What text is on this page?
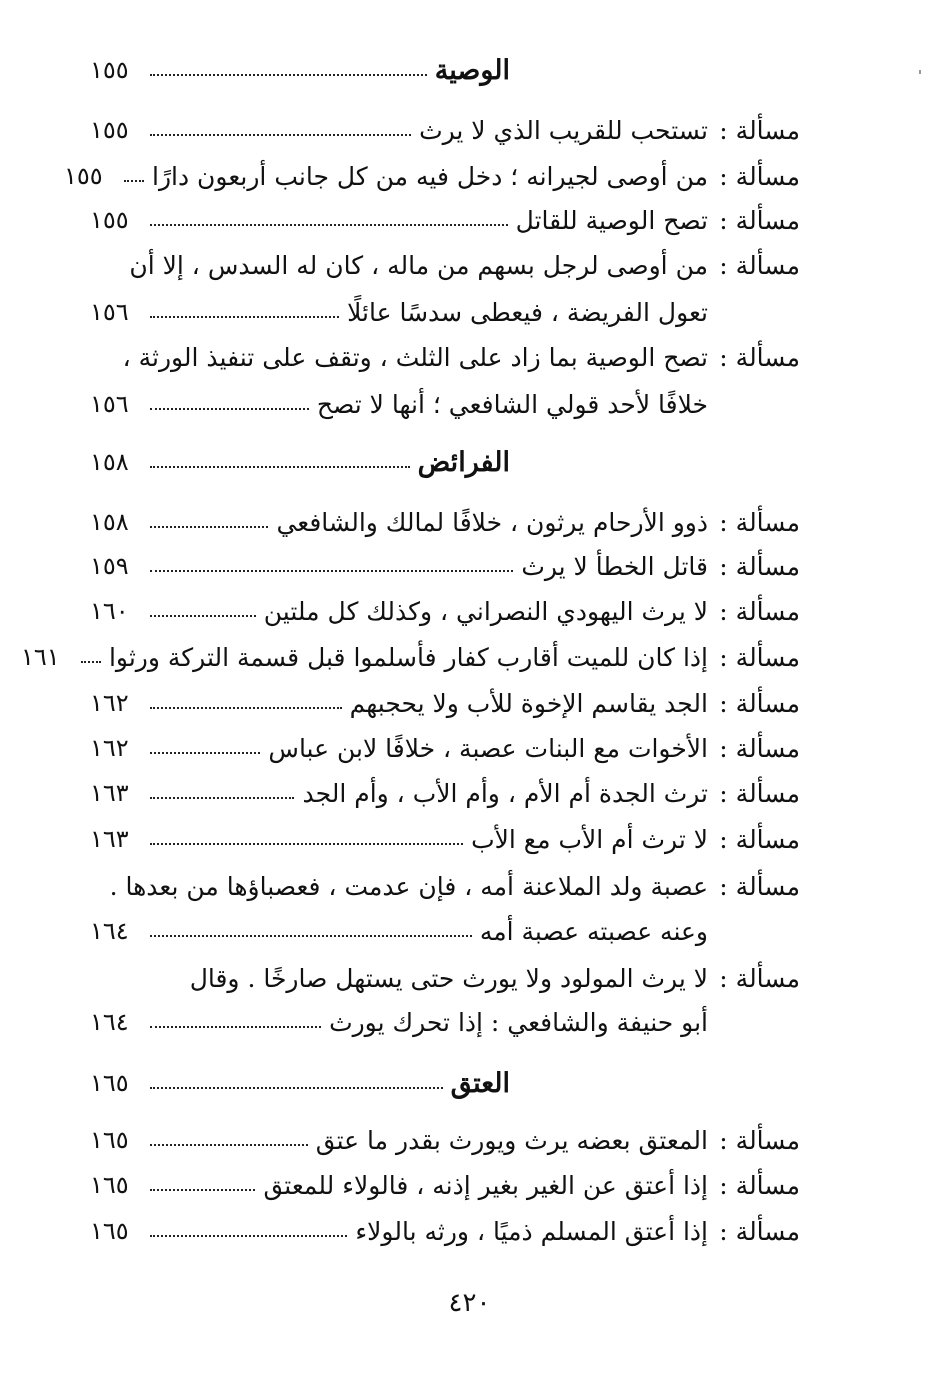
الوصية
١٥٥
مسألة :
تستحب للقريب الذي لا يرث
١٥٥
مسألة :
من أوصى لجيرانه ؛ دخل فيه من كل جانب أربعون دارًا
١٥٥
مسألة :
تصح الوصية للقاتل
١٥٥
مسألة :
من أوصى لرجل بسهم من ماله ، كان له السدس ، إلا أن
تعول الفريضة ، فيعطى سدسًا عائلًا
١٥٦
مسألة :
تصح الوصية بما زاد على الثلث ، وتقف على تنفيذ الورثة ،
خلافًا لأحد قولي الشافعي ؛ أنها لا تصح
١٥٦
الفرائض
١٥٨
مسألة :
ذوو الأرحام يرثون ، خلافًا لمالك والشافعي
١٥٨
مسألة :
قاتل الخطأ لا يرث
١٥٩
مسألة :
لا يرث اليهودي النصراني ، وكذلك كل ملتين
١٦٠
مسألة :
إذا كان للميت أقارب كفار فأسلموا قبل قسمة التركة ورثوا
١٦١
مسألة :
الجد يقاسم الإخوة للأب ولا يحجبهم
١٦٢
مسألة :
الأخوات مع البنات عصبة ، خلافًا لابن عباس
١٦٢
مسألة :
ترث الجدة أم الأم ، وأم الأب ، وأم الجد
١٦٣
مسألة :
لا ترث أم الأب مع الأب
١٦٣
مسألة :
عصبة ولد الملاعنة أمه ، فإن عدمت ، فعصباؤها من بعدها .
وعنه عصبته عصبة أمه
١٦٤
مسألة :
لا يرث المولود ولا يورث حتى يستهل صارخًا . وقال
أبو حنيفة والشافعي : إذا تحرك يورث
١٦٤
العتق
١٦٥
مسألة :
المعتق بعضه يرث ويورث بقدر ما عتق
١٦٥
مسألة :
إذا أعتق عن الغير بغير إذنه ، فالولاء للمعتق
١٦٥
مسألة :
إذا أعتق المسلم ذميًا ، ورثه بالولاء
١٦٥
٤٢٠
